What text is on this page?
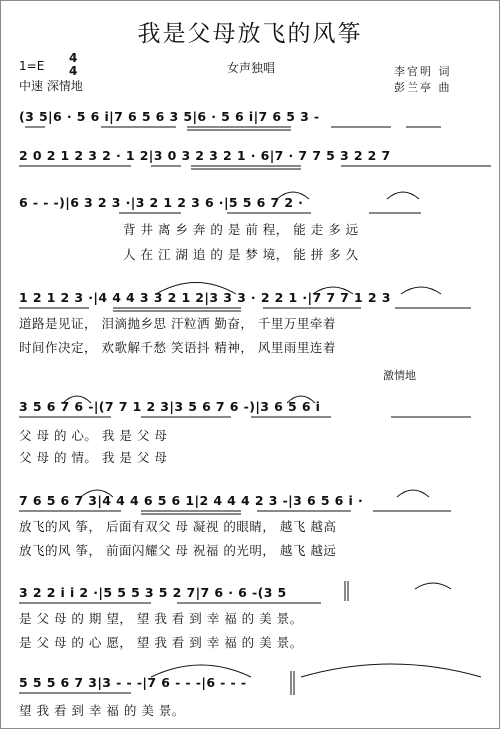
我是父母放飞的风筝
1=E
4
4
中速 深情地
女声独唱	李官明 词
彭兰亭 曲
(3 5|6 · 5 6 i|7 6 5 6 3 5|6 · 5 6 i|7 6 5 3 -
2 0 2 1 2 3 2 · 1 2|3 0 3 2 3 2 1 · 6|7 · 7 7 5 3 2 2 7
6 - - -)|6 3 2 3 ·|3 2 1 2 3 6 ·|5 5 6 7 2 ·
背 井 离 乡 奔 的 是 前 程， 能 走 多 远
人 在 江 湖 追 的 是 梦 境， 能 拼 多 久
1 2 1 2 3 ·|4 4 4 3 3 2 1 2|3 3 3 · 2 2 1 ·|7 7 7 1 2 3
道路是见证， 泪滴抛乡思 汗粒洒 勤奋， 千里万里牵着
时间作决定， 欢歌解千愁 笑语抖 精神， 风里雨里连着
激情地
3 5 6 7 6 -|(7 7 1 2 3|3 5 6 7 6 -)|3 6 5 6 i
父 母 的 心。 我 是 父 母
父 母 的 情。 我 是 父 母
7 6 5 6 7 3|4 4 4 6 5 6 1|2 4 4 4 2 3 -|3 6 5 6 i ·
放飞的风 筝， 后面有双父 母 凝视 的眼睛， 越飞 越高
放飞的风 筝， 前面闪耀父 母 祝福 的光明， 越飞 越远
3 2 2 i i 2 ·|5 5 5 3 5 2 7|7 6 · 6 -(3 5
是 父 母 的 期 望， 望 我 看 到 幸 福 的 美 景。
是 父 母 的 心 愿， 望 我 看 到 幸 福 的 美 景。
5 5 5 6 7 3|3 - - -|7 6 - - -|6 - - -
望 我 看 到 幸 福 的 美 景。
